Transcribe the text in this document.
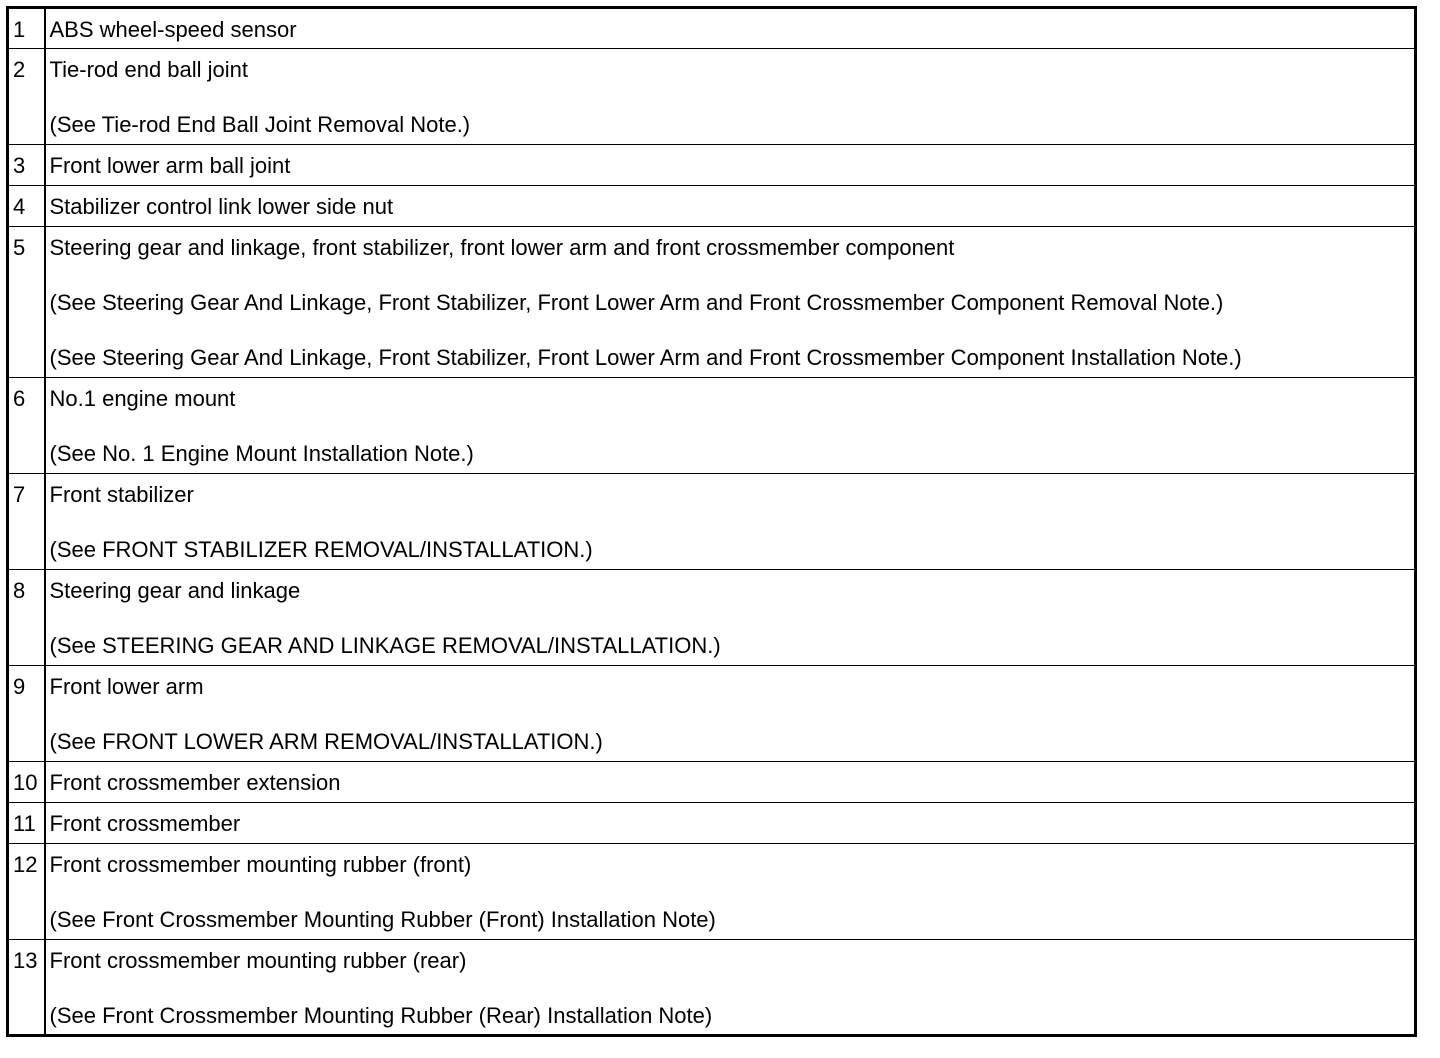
1	ABS wheel-speed sensor

2	Tie-rod end ball joint
(See Tie-rod End Ball Joint Removal Note.)

3	Front lower arm ball joint

4	Stabilizer control link lower side nut

5	Steering gear and linkage, front stabilizer, front lower arm and front crossmember component
(See Steering Gear And Linkage, Front Stabilizer, Front Lower Arm and Front Crossmember Component Removal Note.)
(See Steering Gear And Linkage, Front Stabilizer, Front Lower Arm and Front Crossmember Component Installation Note.)

6	No.1 engine mount
(See No. 1 Engine Mount Installation Note.)

7	Front stabilizer
(See FRONT STABILIZER REMOVAL/INSTALLATION.)

8	Steering gear and linkage
(See STEERING GEAR AND LINKAGE REMOVAL/INSTALLATION.)

9	Front lower arm
(See FRONT LOWER ARM REMOVAL/INSTALLATION.)

10	Front crossmember extension

11	Front crossmember

12	Front crossmember mounting rubber (front)
(See Front Crossmember Mounting Rubber (Front) Installation Note)

13	Front crossmember mounting rubber (rear)
(See Front Crossmember Mounting Rubber (Rear) Installation Note)
